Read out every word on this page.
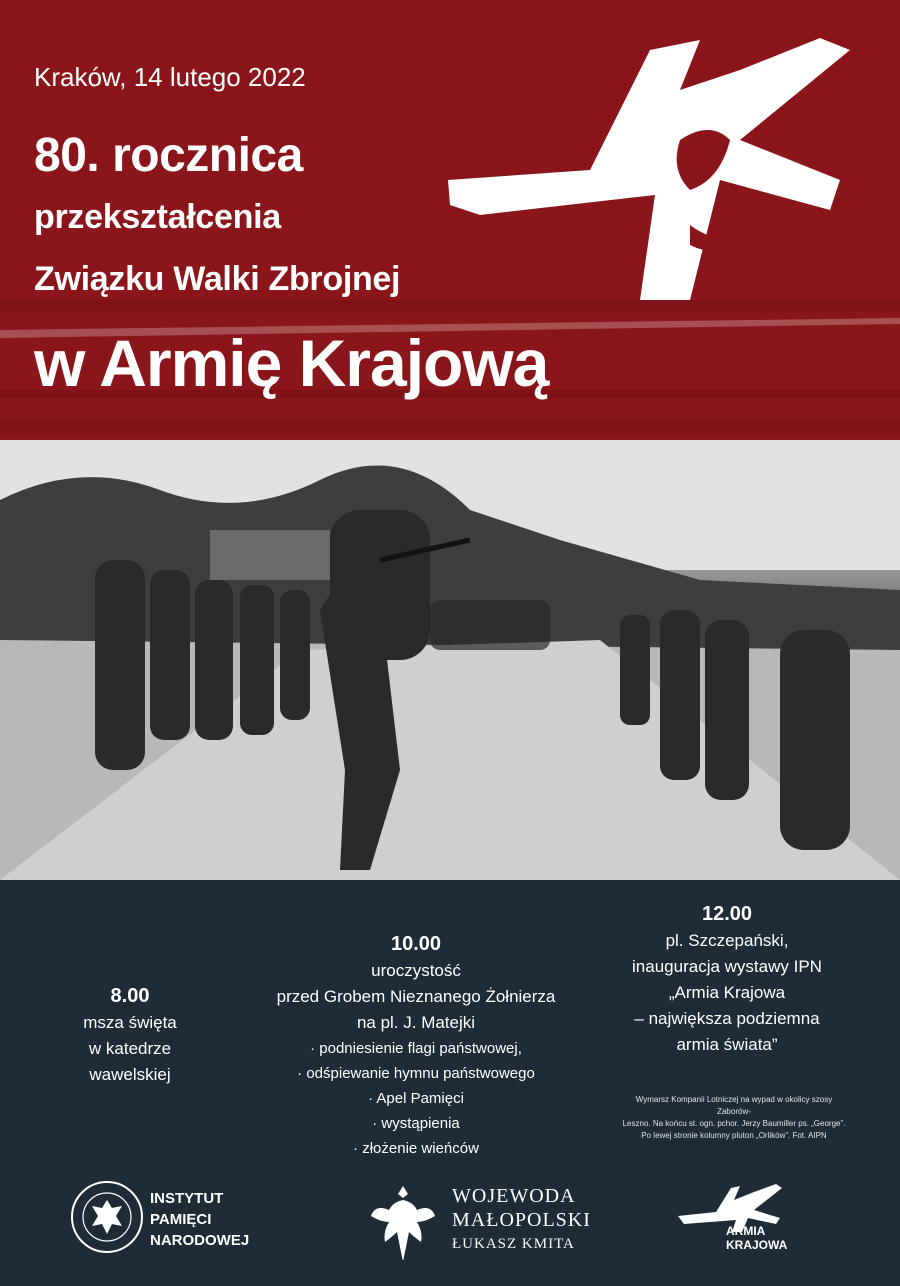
Kraków, 14 lutego 2022
80. rocznica
przekształcenia
Związku Walki Zbrojnej
w Armię Krajową
8.00
msza święta
w katedrze
wawelskiej
10.00
uroczystość
przed Grobem Nieznanego Żołnierza
na pl. J. Matejki
· podniesienie flagi państwowej,
· odśpiewanie hymnu państwowego
· Apel Pamięci
· wystąpienia
· złożenie wieńców
12.00
pl. Szczepański,
inauguracja wystawy IPN
„Armia Krajowa
– największa podziemna
armia świata”
Wymarsz Kompanii Lotniczej na wypad w okolicy szosy Zaborów-
Leszno. Na końcu st. ogn. pchor. Jerzy Baumiller ps. „George”.
Po lewej stronie kolumny pluton „Orlików”. Fot. AIPN
INSTYTUT
PAMIĘCI
NARODOWEJ
WOJEWODA
MAŁOPOLSKI
ŁUKASZ KMITA
ARMIA
KRAJOWA
